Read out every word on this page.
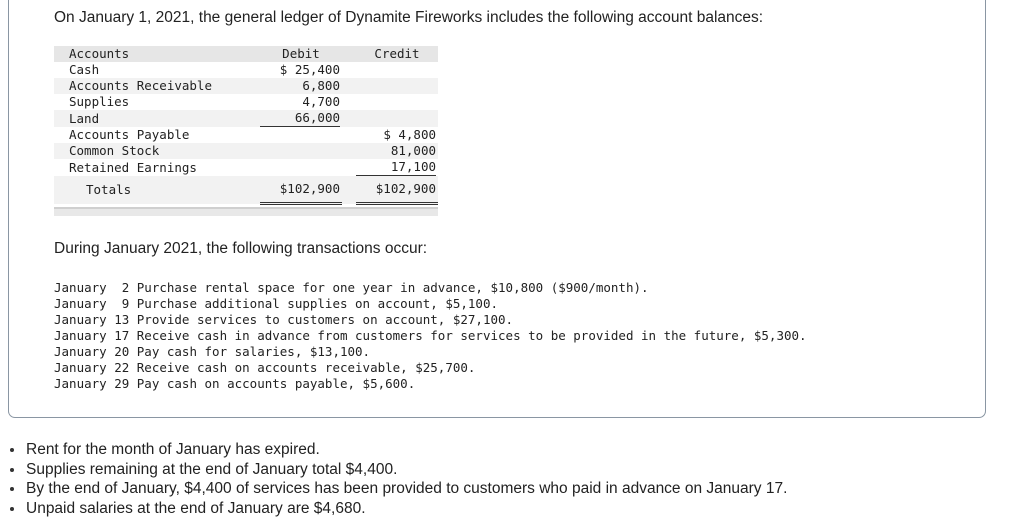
On January 1, 2021, the general ledger of Dynamite Fireworks includes the following account balances:

Accounts	Debit		Credit
Cash	$ 25,400		
Accounts Receivable	6,800		
Supplies	4,700		
Land	66,000		

Accounts Payable			$ 4,800
Common Stock			81,000
Retained Earnings			17,100

Totals	$102,900		$102,900

During January 2021, the following transactions occur:

January  2 Purchase rental space for one year in advance, $10,800 ($900/month).
January  9 Purchase additional supplies on account, $5,100.
January 13 Provide services to customers on account, $27,100.
January 17 Receive cash in advance from customers for services to be provided in the future, $5,300.
January 20 Pay cash for salaries, $13,100.
January 22 Receive cash on accounts receivable, $25,700.
January 29 Pay cash on accounts payable, $5,600.
Rent for the month of January has expired.
Supplies remaining at the end of January total $4,400.
By the end of January, $4,400 of services has been provided to customers who paid in advance on January 17.
Unpaid salaries at the end of January are $4,680.
